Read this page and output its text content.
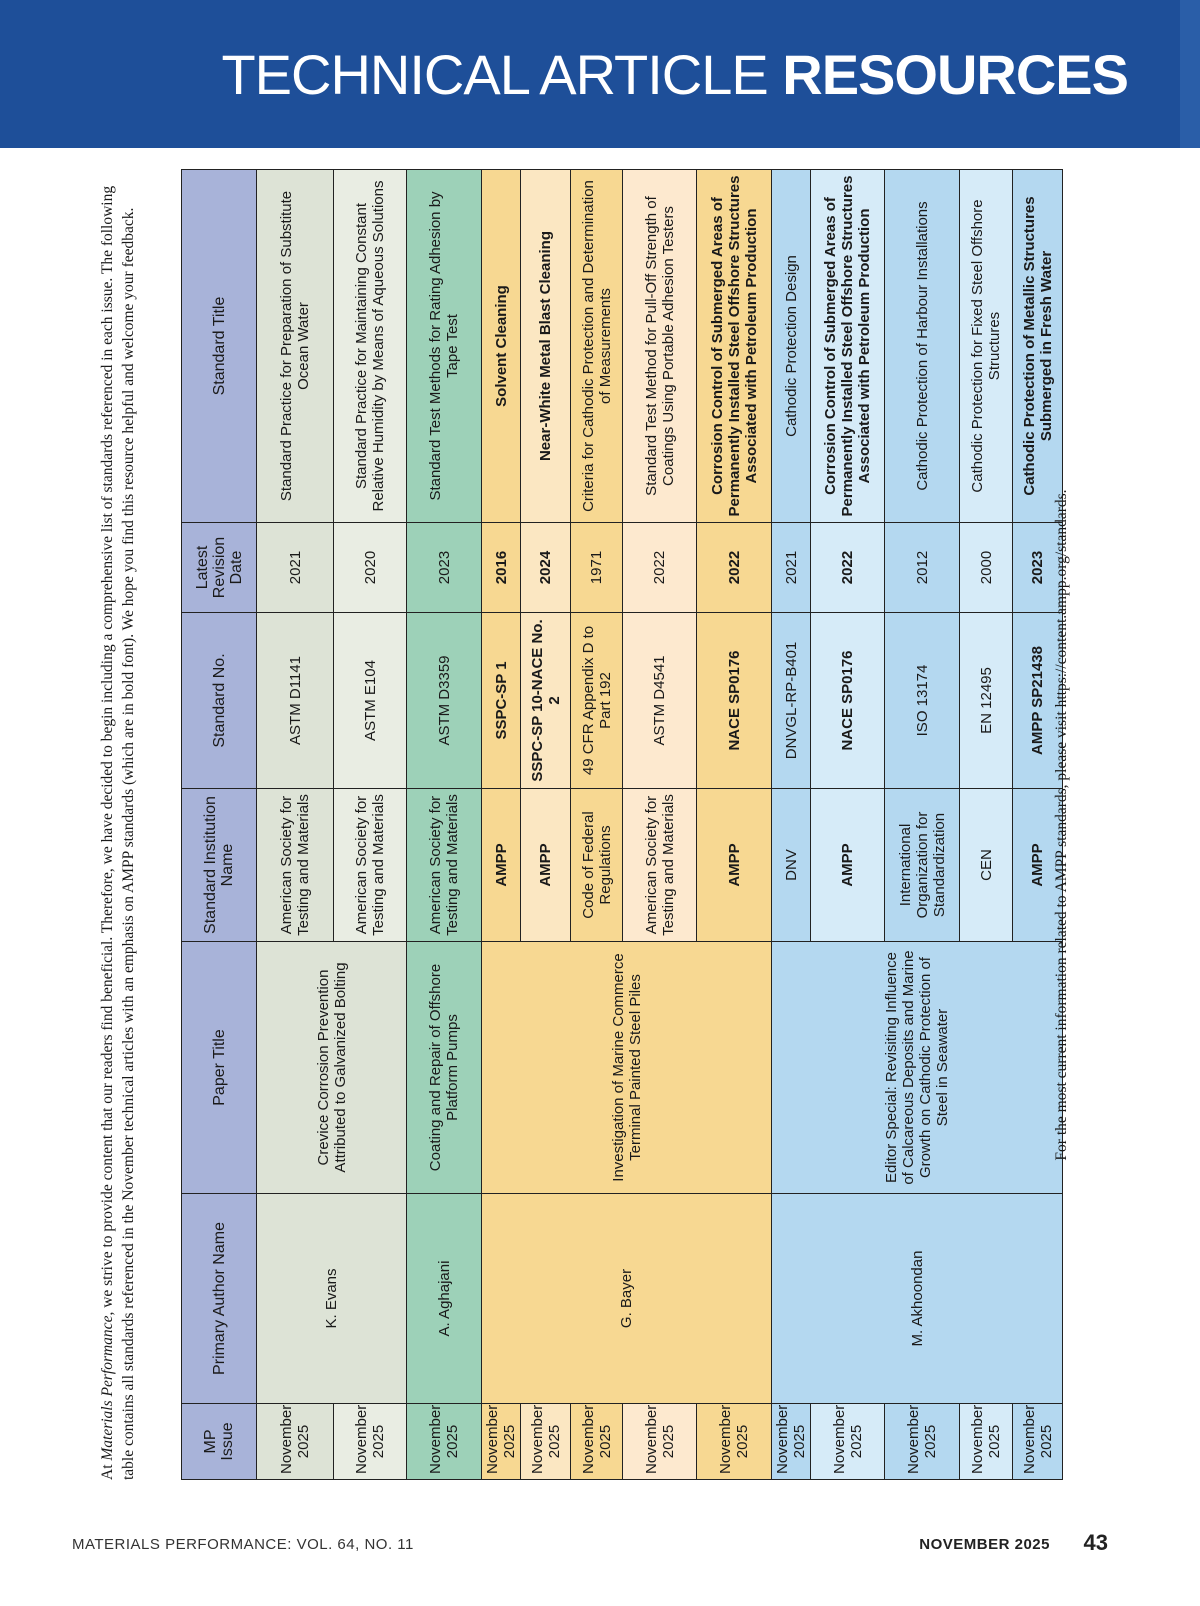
TECHNICAL ARTICLE RESOURCES
At Materials Performance, we strive to provide content that our readers find beneficial. Therefore, we have decided to begin including a comprehensive list of standards referenced in each issue. The following table contains all standards referenced in the November technical articles with an emphasis on AMPP standards (which are in bold font). We hope you find this resource helpful and welcome your feedback.	MP Issue	Primary Author Name	Paper Title	Standard Institution Name	Standard No.	Latest Revision Date	Standard Title
November 2025	K. Evans	Crevice Corrosion Prevention Attributed to Galvanized Bolting	American Society for Testing and Materials	ASTM D1141	2021	Standard Practice for Preparation of Substitute Ocean Water
November 2025			American Society for Testing and Materials	ASTM E104	2020	Standard Practice for Maintaining Constant Relative Humidity by Means of Aqueous Solutions
November 2025	A. Aghajani	Coating and Repair of Offshore Platform Pumps	American Society for Testing and Materials	ASTM D3359	2023	Standard Test Methods for Rating Adhesion by Tape Test
November 2025	G. Bayer	Investigation of Marine Commerce Terminal Painted Steel Piles	AMPP	SSPC-SP 1	2016	Solvent Cleaning
November 2025			AMPP	SSPC-SP 10-NACE No. 2	2024	Near-White Metal Blast Cleaning
November 2025			Code of Federal Regulations	49 CFR Appendix D to Part 192	1971	Criteria for Cathodic Protection and Determination of Measurements
November 2025			American Society for Testing and Materials	ASTM D4541	2022	Standard Test Method for Pull-Off Strength of Coatings Using Portable Adhesion Testers
November 2025			AMPP	NACE SP0176	2022	Corrosion Control of Submerged Areas of Permanently Installed Steel Offshore Structures Associated with Petroleum Production
November 2025	M. Akhoondan	Editor Special: Revisiting Influence of Calcareous Deposits and Marine Growth on Cathodic Protection of Steel in Seawater	DNV	DNVGL-RP-B401	2021	Cathodic Protection Design
November 2025			AMPP	NACE SP0176	2022	Corrosion Control of Submerged Areas of Permanently Installed Steel Offshore Structures Associated with Petroleum Production
November 2025			International Organization for Standardization	ISO 13174	2012	Cathodic Protection of Harbour Installations
November 2025			CEN	EN 12495	2000	Cathodic Protection for Fixed Steel Offshore Structures
November 2025			AMPP	AMPP SP21438	2023	Cathodic Protection of Metallic Structures Submerged in Fresh Water
For the most current information related to AMPP standards, please visit https://content.ampp.org/standards.
MATERIALS PERFORMANCE: VOL. 64, NO. 11	NOVEMBER 2025 43
